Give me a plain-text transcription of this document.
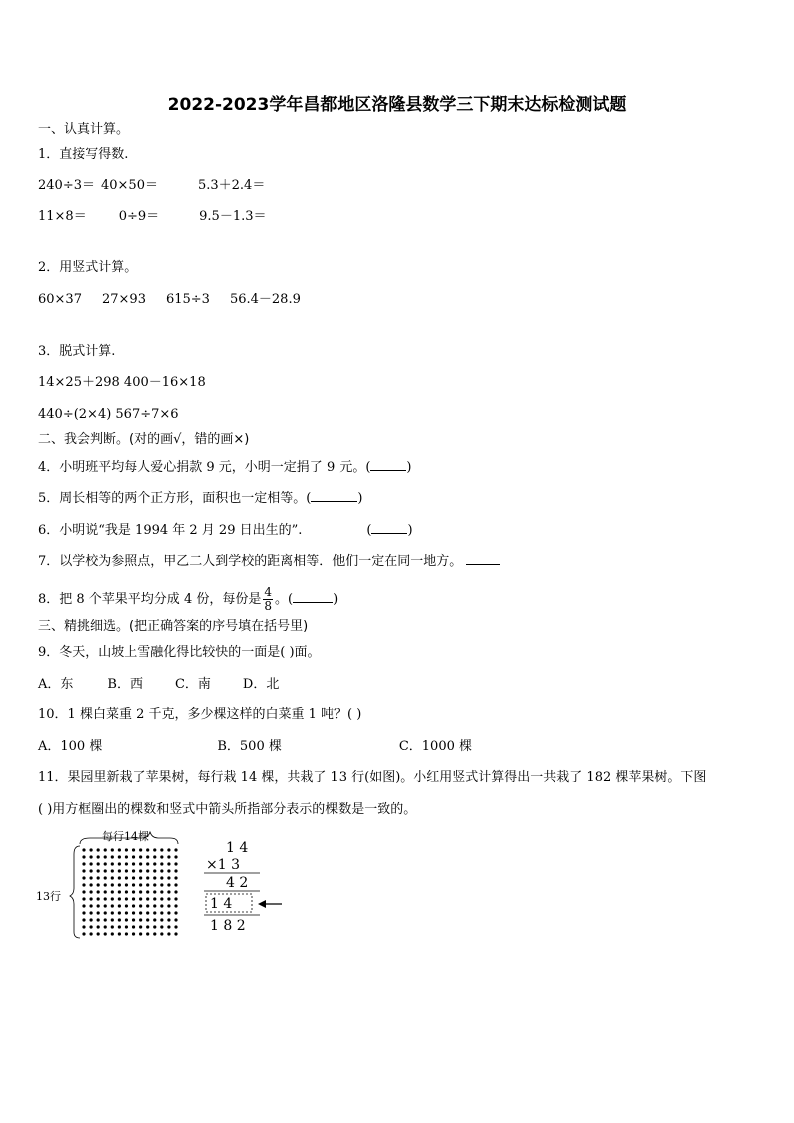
2022-2023学年昌都地区洛隆县数学三下期末达标检测试题
一、认真计算。
1．直接写得数.
240÷3＝ 40×50＝	5.3＋2.4＝
11×8＝ 0÷9＝	9.5－1.3＝
2．用竖式计算。
60×37 27×93 615÷3 56.4－28.9
3．脱式计算.
14×25＋298 400－16×18
440÷(2×4) 567÷7×6
二、我会判断。(对的画√，错的画×)
4．小明班平均每人爱心捐款 9 元，小明一定捐了 9 元。(	)
5．周长相等的两个正方形，面积也一定相等。(	)
6．小明说“我是 1994 年 2 月 29 日出生的”.	(	)
7．以学校为参照点，甲乙二人到学校的距离相等．他们一定在同一地方。
8．把 8 个苹果平均分成 4 份，每份是 $\frac{4}{8}$ 。(	)
三、精挑细选。(把正确答案的序号填在括号里)
9．冬天，山坡上雪融化得比较快的一面是( )面。
A．东	B．西 C．南 D．北
10．1 棵白菜重 2 千克，多少棵这样的白菜重 1 吨？( )
A．100 棵	B．500 棵	C．1000 棵
11．果园里新栽了苹果树，每行栽 14 棵，共栽了 13 行(如图)。小红用竖式计算得出一共栽了 182 棵苹果树。下图
( )用方框圈出的棵数和竖式中箭头所指部分表示的棵数是一致的。
每行14棵
13行
1 4
×1 3
4 2
1 4
1 8 2
